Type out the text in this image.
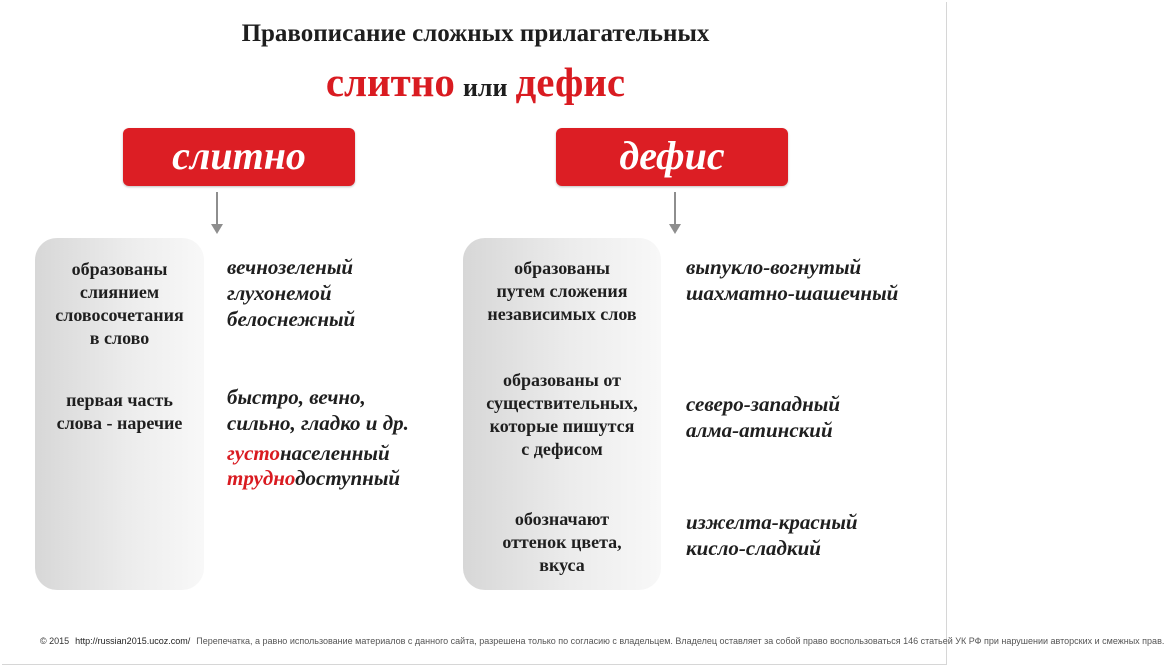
Правописание сложных прилагательных
слитно или дефис
слитно	дефис
образованы
слиянием
словосочетания
в слово
первая часть
слова - наречие
вечнозеленый
глухонемой
белоснежный
быстро, вечно,
сильно, гладко и др.
густонаселенный
труднодоступный
образованы
путем сложения
независимых слов
образованы от
существительных,
которые пишутся
с дефисом
обозначают
оттенок цвета,
вкуса
выпукло-вогнутый
шахматно-шашечный
северо-западный
алма-атинский
изжелта-красный
кисло-сладкий
© 2015 http://russian2015.ucoz.com/ Перепечатка, а равно использование материалов с данного сайта, разрешена только по согласию с владельцем. Владелец оставляет за собой право воспользоваться 146 статьей УК РФ при нарушении авторских и смежных прав.
